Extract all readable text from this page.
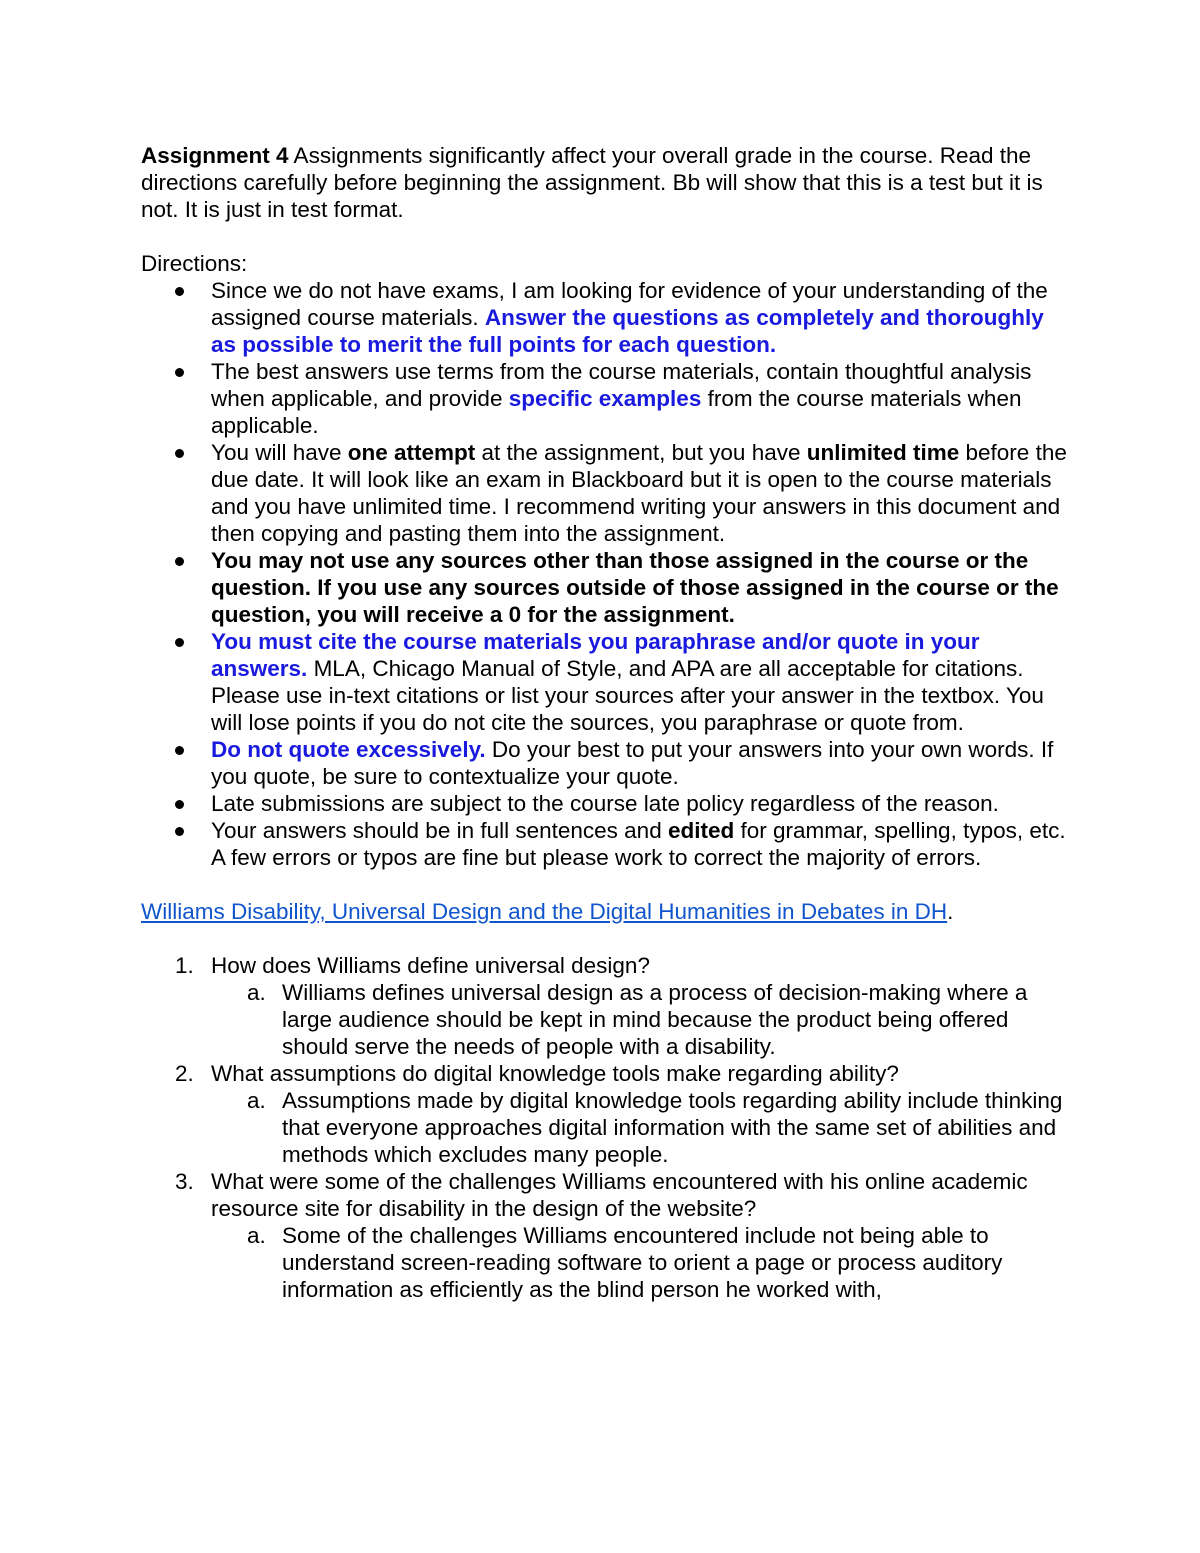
Assignment 4 Assignments significantly affect your overall grade in the course. Read the directions carefully before beginning the assignment. Bb will show that this is a test but it is not. It is just in test format.

Directions:

Since we do not have exams, I am looking for evidence of your understanding of the assigned course materials. Answer the questions as completely and thoroughly as possible to merit the full points for each question.
The best answers use terms from the course materials, contain thoughtful analysis when applicable, and provide specific examples from the course materials when applicable.
You will have one attempt at the assignment, but you have unlimited time before the due date. It will look like an exam in Blackboard but it is open to the course materials and you have unlimited time. I recommend writing your answers in this document and then copying and pasting them into the assignment.
You may not use any sources other than those assigned in the course or the question. If you use any sources outside of those assigned in the course or the question, you will receive a 0 for the assignment.
You must cite the course materials you paraphrase and/or quote in your answers. MLA, Chicago Manual of Style, and APA are all acceptable for citations. Please use in-text citations or list your sources after your answer in the textbox. You will lose points if you do not cite the sources, you paraphrase or quote from.
Do not quote excessively. Do your best to put your answers into your own words. If you quote, be sure to contextualize your quote.
Late submissions are subject to the course late policy regardless of the reason.
Your answers should be in full sentences and edited for grammar, spelling, typos, etc. A few errors or typos are fine but please work to correct the majority of errors.

Williams Disability, Universal Design and the Digital Humanities in Debates in DH.

1. How does Williams define universal design?
a. Williams defines universal design as a process of decision-making where a large audience should be kept in mind because the product being offered should serve the needs of people with a disability.
2. What assumptions do digital knowledge tools make regarding ability?
a. Assumptions made by digital knowledge tools regarding ability include thinking that everyone approaches digital information with the same set of abilities and methods which excludes many people.
3. What were some of the challenges Williams encountered with his online academic resource site for disability in the design of the website?
a. Some of the challenges Williams encountered include not being able to understand screen-reading software to orient a page or process auditory information as efficiently as the blind person he worked with,
